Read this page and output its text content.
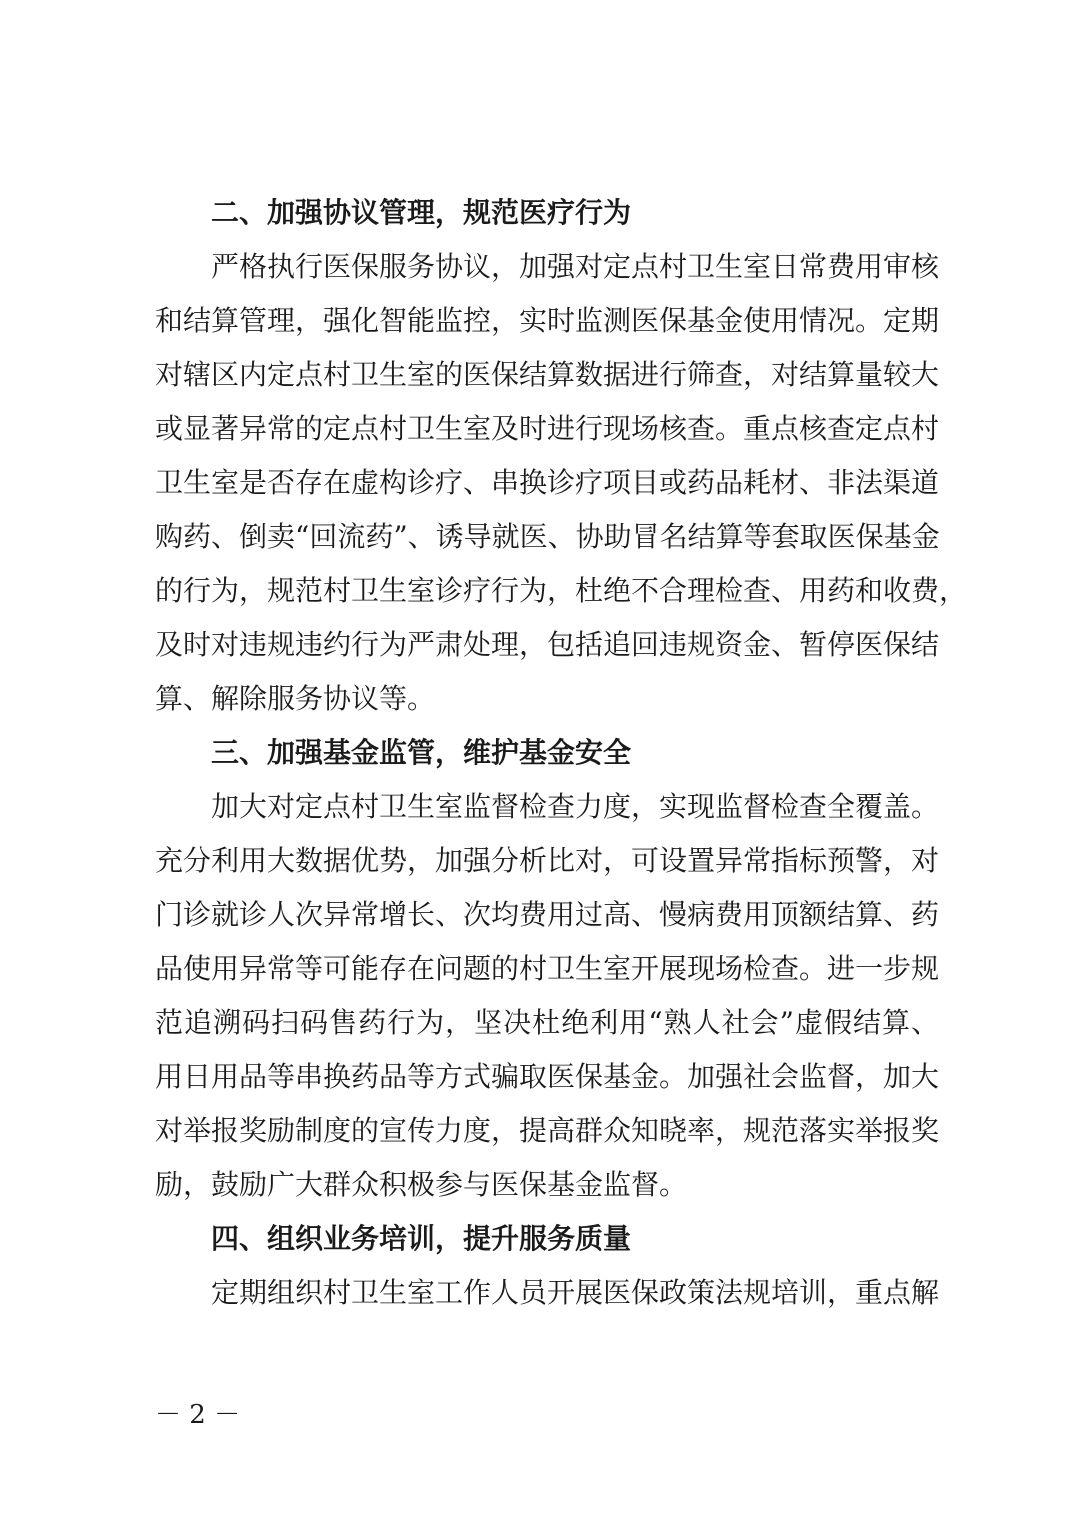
二、加强协议管理，规范医疗行为
严格执行医保服务协议，加强对定点村卫生室日常费用审核
和结算管理，强化智能监控，实时监测医保基金使用情况。定期
对辖区内定点村卫生室的医保结算数据进行筛查，对结算量较大
或显著异常的定点村卫生室及时进行现场核查。重点核查定点村
卫生室是否存在虚构诊疗、串换诊疗项目或药品耗材、非法渠道
购药、倒卖“回流药”、诱导就医、协助冒名结算等套取医保基金
的行为，规范村卫生室诊疗行为，杜绝不合理检查、用药和收费，
及时对违规违约行为严肃处理，包括追回违规资金、暂停医保结
算、解除服务协议等。
三、加强基金监管，维护基金安全
加大对定点村卫生室监督检查力度，实现监督检查全覆盖。
充分利用大数据优势，加强分析比对，可设置异常指标预警，对
门诊就诊人次异常增长、次均费用过高、慢病费用顶额结算、药
品使用异常等可能存在问题的村卫生室开展现场检查。进一步规
范追溯码扫码售药行为，坚决杜绝利用“熟人社会”虚假结算、
用日用品等串换药品等方式骗取医保基金。加强社会监督，加大
对举报奖励制度的宣传力度，提高群众知晓率，规范落实举报奖
励，鼓励广大群众积极参与医保基金监督。
四、组织业务培训，提升服务质量
定期组织村卫生室工作人员开展医保政策法规培训，重点解
－ 2 －
